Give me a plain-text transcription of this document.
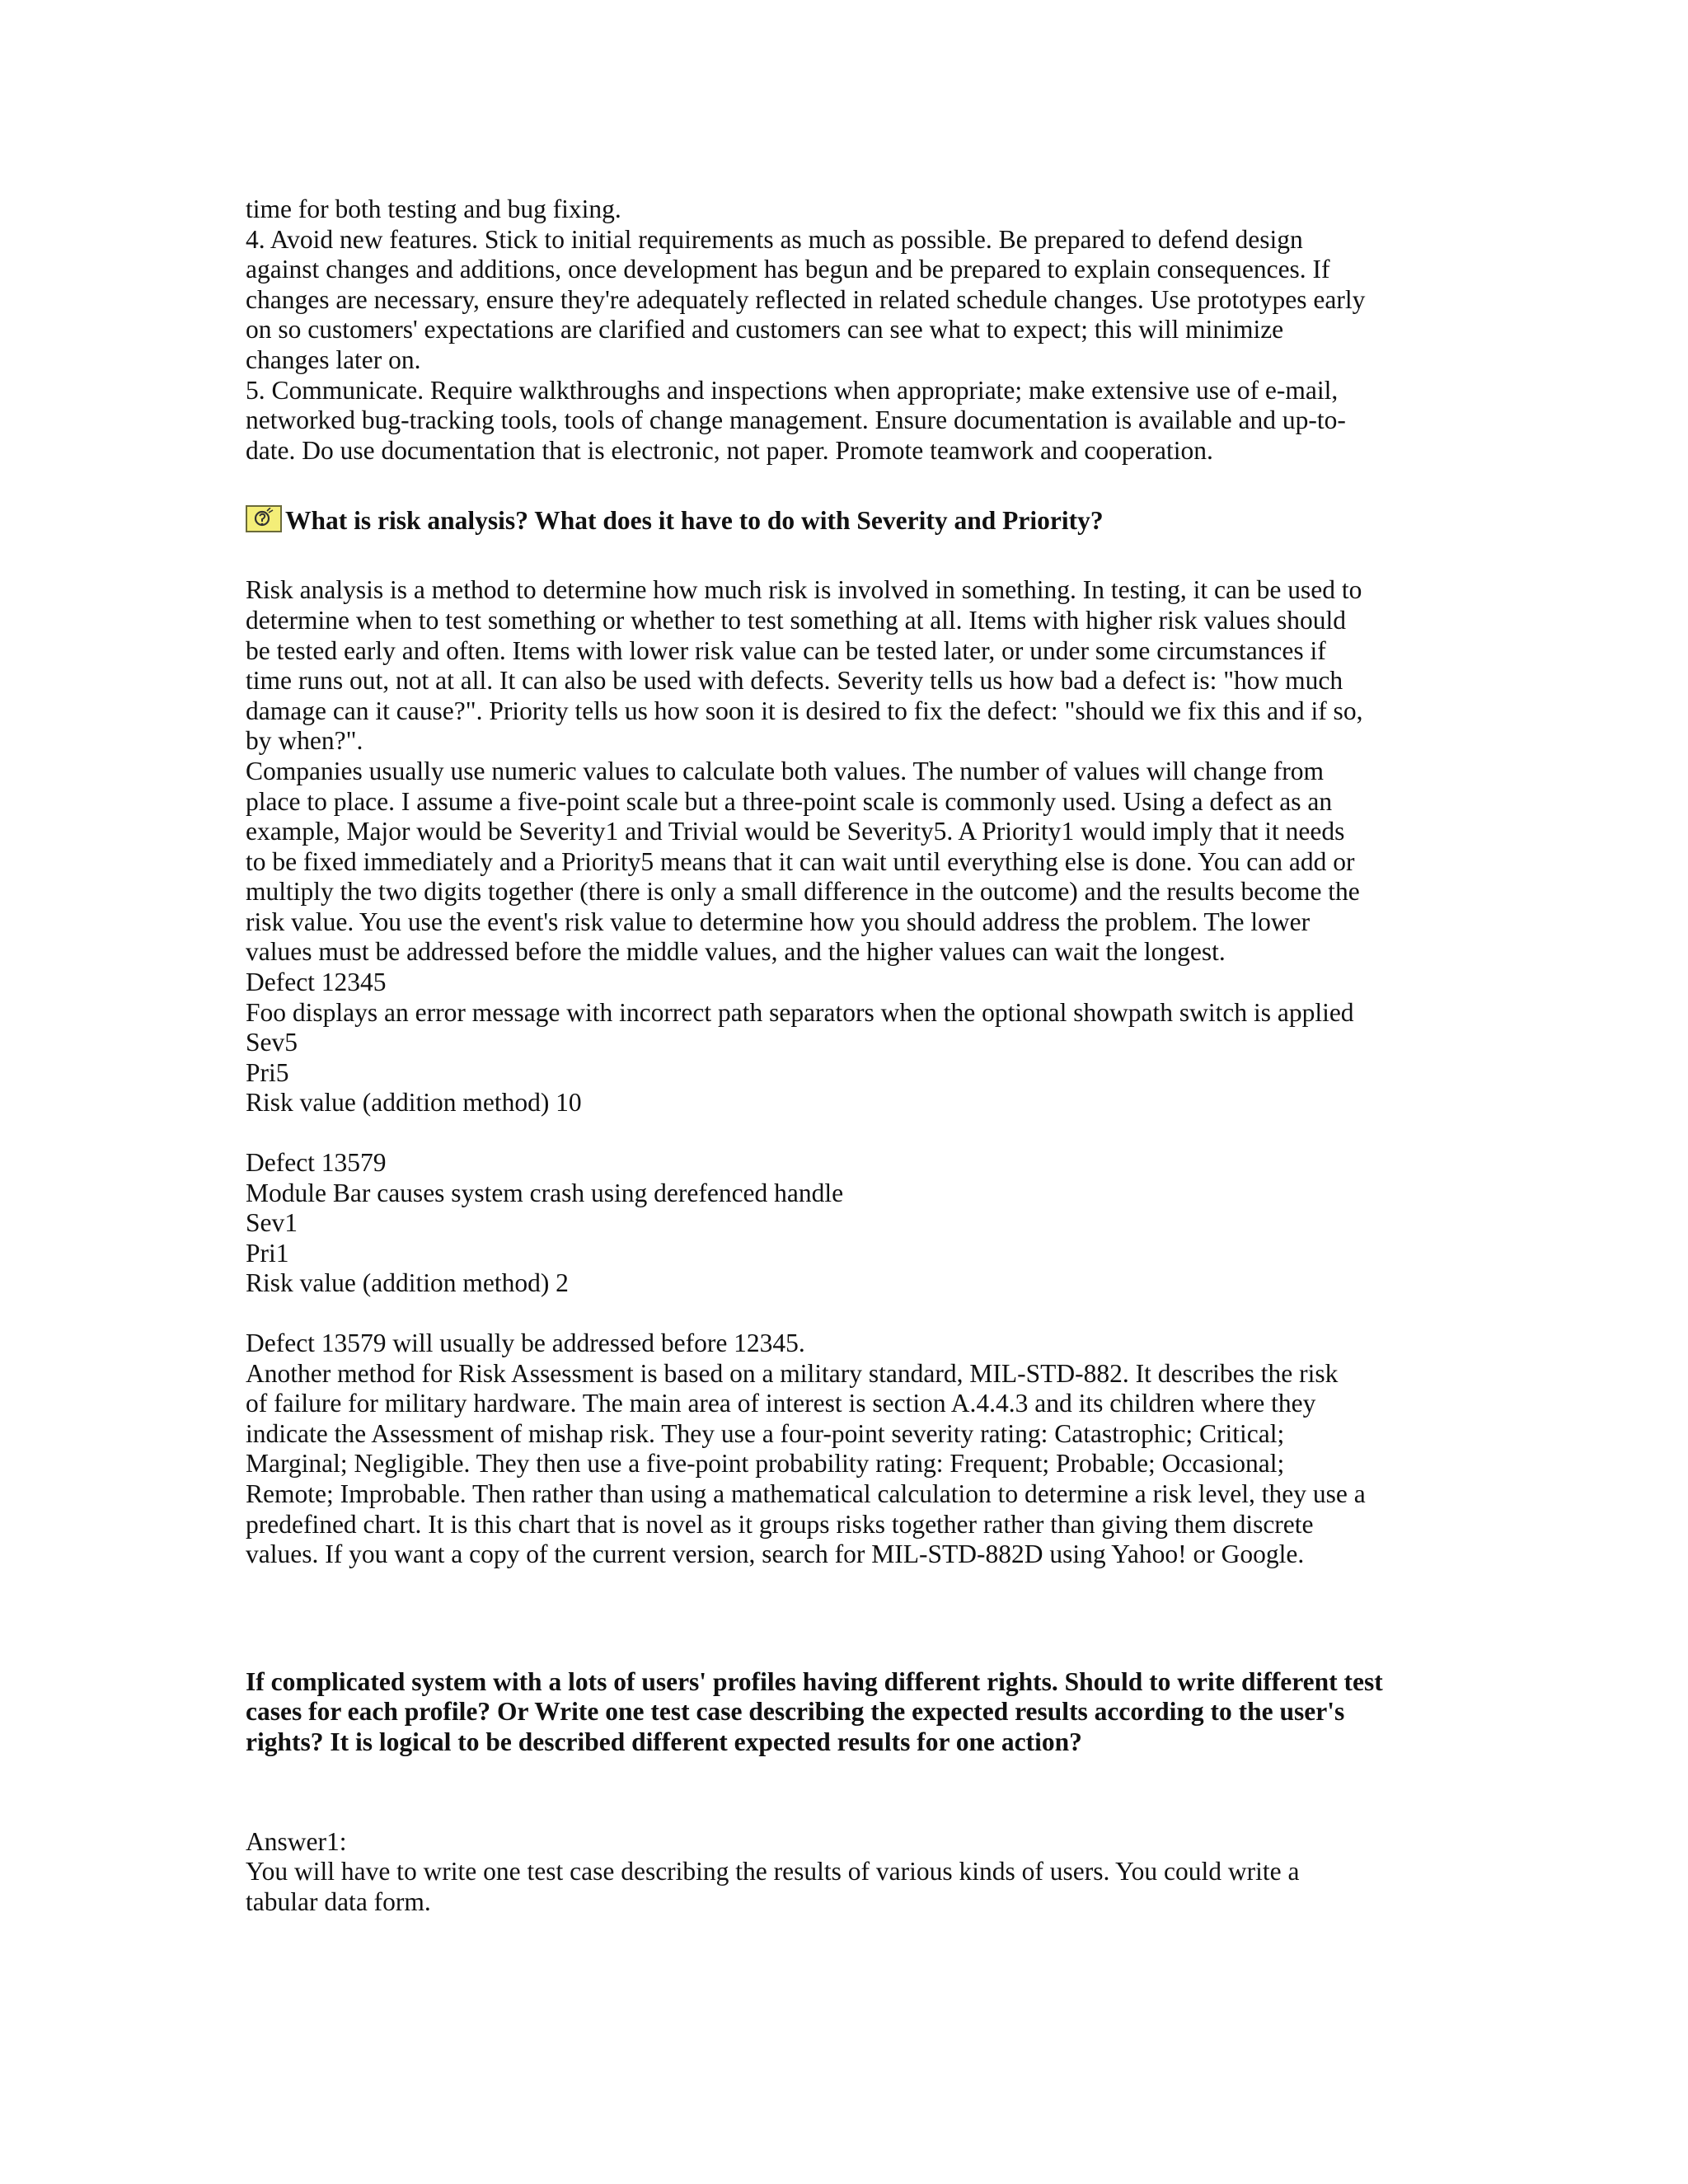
time for both testing and bug fixing.
4. Avoid new features. Stick to initial requirements as much as possible. Be prepared to defend design
against changes and additions, once development has begun and be prepared to explain consequences. If
changes are necessary, ensure they're adequately reflected in related schedule changes. Use prototypes early
on so customers' expectations are clarified and customers can see what to expect; this will minimize
changes later on.
5. Communicate. Require walkthroughs and inspections when appropriate; make extensive use of e-mail,
networked bug-tracking tools, tools of change management. Ensure documentation is available and up-to-
date. Do use documentation that is electronic, not paper. Promote teamwork and cooperation.
What is risk analysis? What does it have to do with Severity and Priority?
Risk analysis is a method to determine how much risk is involved in something. In testing, it can be used to
determine when to test something or whether to test something at all. Items with higher risk values should
be tested early and often. Items with lower risk value can be tested later, or under some circumstances if
time runs out, not at all. It can also be used with defects. Severity tells us how bad a defect is: "how much
damage can it cause?". Priority tells us how soon it is desired to fix the defect: "should we fix this and if so,
by when?".
Companies usually use numeric values to calculate both values. The number of values will change from
place to place. I assume a five-point scale but a three-point scale is commonly used. Using a defect as an
example, Major would be Severity1 and Trivial would be Severity5. A Priority1 would imply that it needs
to be fixed immediately and a Priority5 means that it can wait until everything else is done. You can add or
multiply the two digits together (there is only a small difference in the outcome) and the results become the
risk value. You use the event's risk value to determine how you should address the problem. The lower
values must be addressed before the middle values, and the higher values can wait the longest.
Defect 12345
Foo displays an error message with incorrect path separators when the optional showpath switch is applied
Sev5
Pri5
Risk value (addition method) 10
Defect 13579
Module Bar causes system crash using derefenced handle
Sev1
Pri1
Risk value (addition method) 2
Defect 13579 will usually be addressed before 12345.
Another method for Risk Assessment is based on a military standard, MIL-STD-882. It describes the risk
of failure for military hardware. The main area of interest is section A.4.4.3 and its children where they
indicate the Assessment of mishap risk. They use a four-point severity rating: Catastrophic; Critical;
Marginal; Negligible. They then use a five-point probability rating: Frequent; Probable; Occasional;
Remote; Improbable. Then rather than using a mathematical calculation to determine a risk level, they use a
predefined chart. It is this chart that is novel as it groups risks together rather than giving them discrete
values. If you want a copy of the current version, search for MIL-STD-882D using Yahoo! or Google.
If complicated system with a lots of users' profiles having different rights. Should to write different test
cases for each profile? Or Write one test case describing the expected results according to the user's
rights? It is logical to be described different expected results for one action?
Answer1:
You will have to write one test case describing the results of various kinds of users. You could write a
tabular data form.
